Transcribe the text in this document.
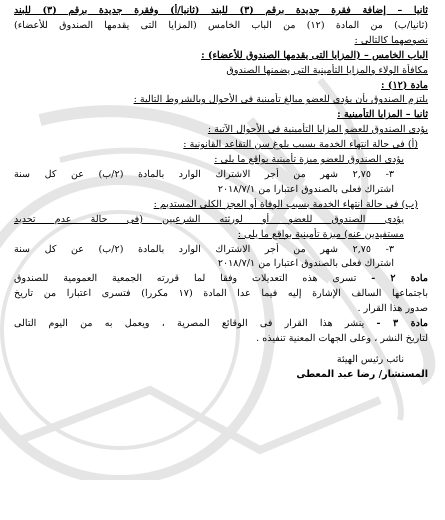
ثانيا – إضافة فقرة جديدة برقم (٣) للبند (ثانيا/أ) وفقرة جديدة برقم (٣) للبند
(ثانيا/ب) من المادة (١٢) من الباب الخامس (المزايا التى يقدمها الصندوق للأعضاء)
نصوصهما كالتالى :
الباب الخامس – (المزايا التى يقدمها الصندوق للأعضاء) :
مكافأة الولاء والمزايا التأمينية التى يضمنها الصندوق
مادة (١٢) :
يلتزم الصندوق بأن يؤدى للعضو مبالغ تأمينية فى الأحوال وبالشروط التالية :
ثانيا – المزايا التأمينية :
يؤدى الصندوق للعضو المزايا التأمينية فى الأحوال الآتية :
(أ) فى حالة انتهاء الخدمة بسبب بلوغ سن التقاعد القانونية :
يؤدى الصندوق للعضو ميزة تأمينية بواقع ما يلى :
٣- ٢,٧٥ شهر من أجر الاشتراك الوارد بالمادة (٢/ب) عن كل سنة
اشتراك فعلى بالصندوق اعتبارا من ٢٠١٨/٧/١
(ب) فى حالة انتهاء الخدمة بسبب الوفاة أو العجز الكلى المستديم :
يؤدى الصندوق للعضو أو لورثته الشرعيين (فى حالة عدم تحديد
مستفيدين عنه) ميزة تأمينية بواقع ما يلى :
٣- ٢,٧٥ شهر من أجر الاشتراك الوارد بالمادة (٢/ب) عن كل سنة
اشتراك فعلى بالصندوق اعتبارا من ٢٠١٨/٧/١
مادة ٢ - تسرى هذه التعديلات وفقا لما قررته الجمعية العمومية للصندوق
باجتماعها السالف الإشارة إليه فيما عدا المادة (١٧ مكررا) فتسرى اعتبارا من تاريخ
صدور هذا القرار .
مادة ٣ - ينشر هذا القرار فى الوقائع المصرية ، ويعمل به من اليوم التالى
لتاريخ النشر ، وعلى الجهات المعنية تنفيذه .
نائب رئيس الهيئة
المستشار/ رضا عبد المعطى
